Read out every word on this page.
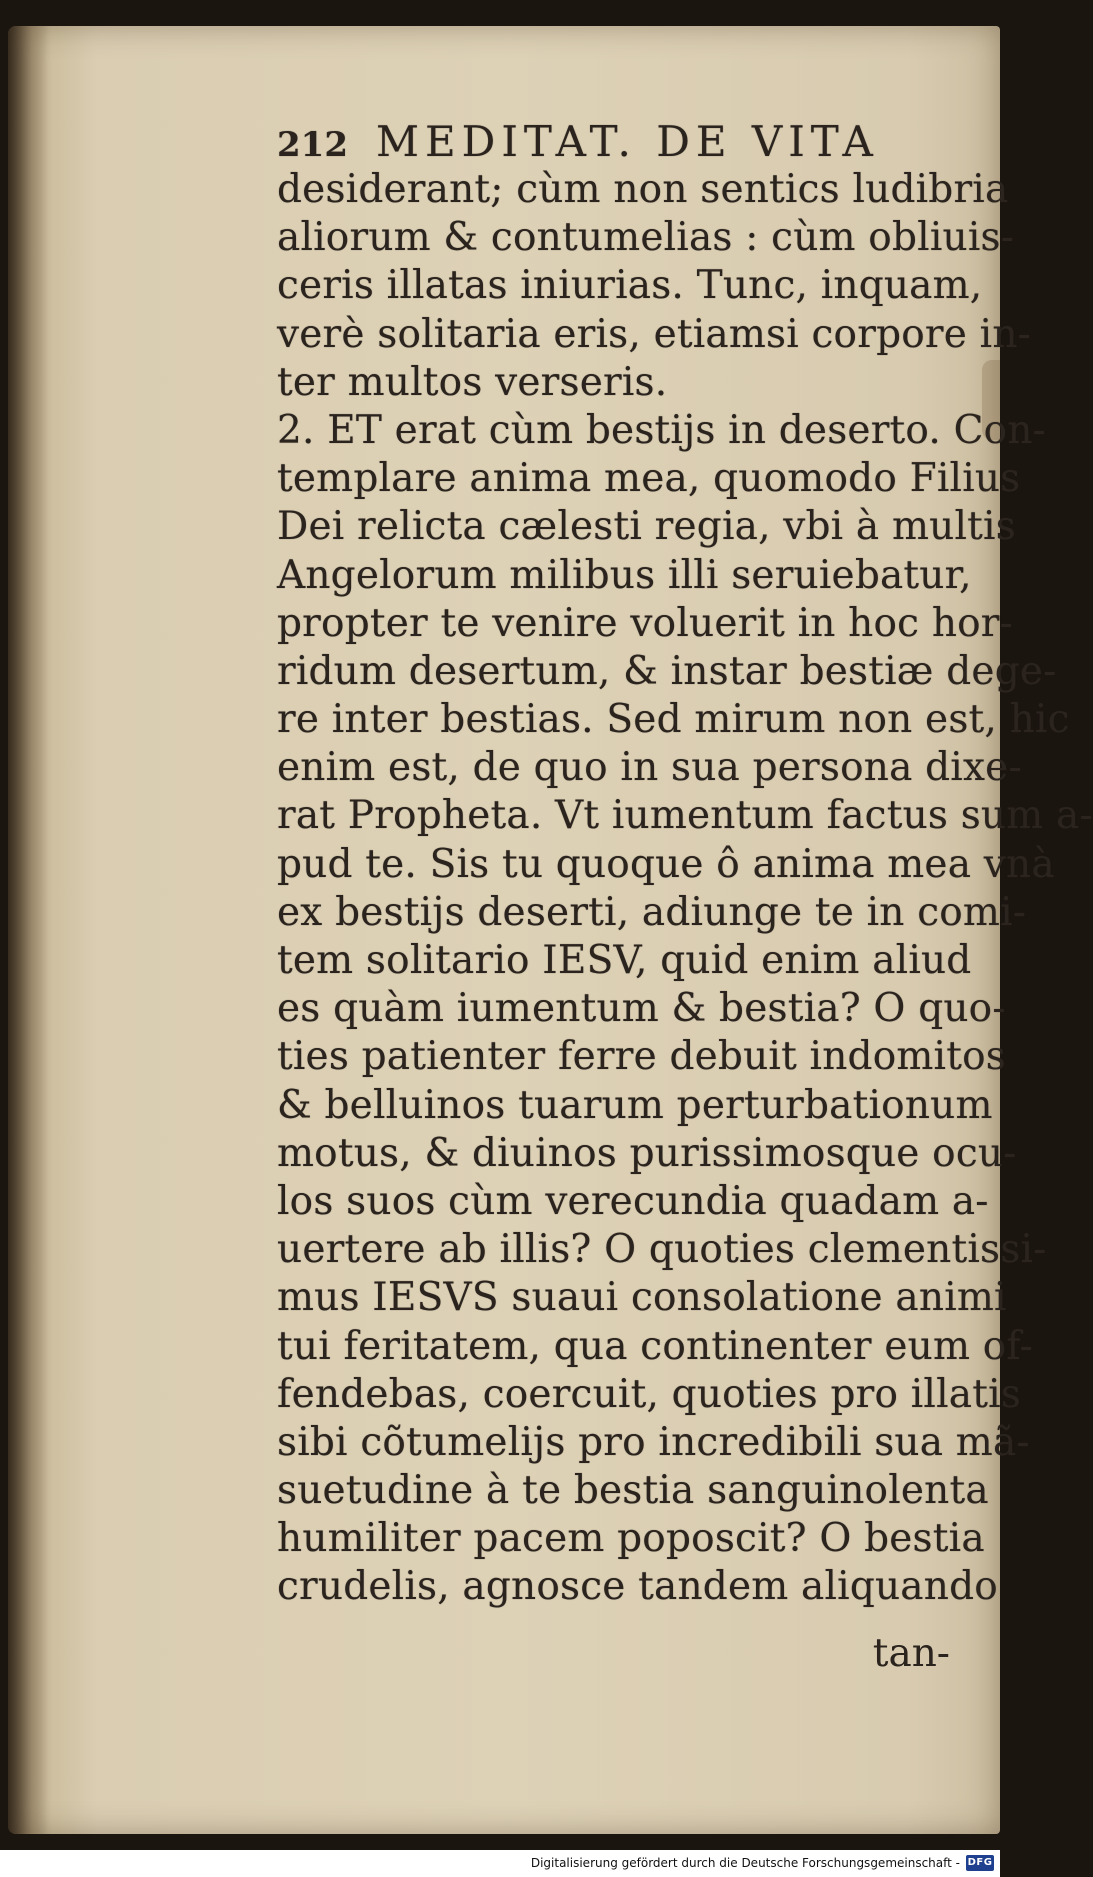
212 MEDITAT. DE VITA
desiderant; cùm non sentics ludibria
aliorum & contumelias : cùm obliuis-
ceris illatas iniurias. Tunc, inquam,
verè solitaria eris, etiamsi corpore in-
ter multos verseris.
2. ET erat cùm bestijs in deserto. Con-
templare anima mea, quomodo Filius
Dei relicta cælesti regia, vbi à multis
Angelorum milibus illi seruiebatur,
propter te venire voluerit in hoc hor-
ridum desertum, & instar bestiæ dege-
re inter bestias. Sed mirum non est, hic
enim est, de quo in sua persona dixe-
rat Propheta. Vt iumentum factus sum a-
pud te. Sis tu quoque ô anima mea vnà
ex bestijs deserti, adiunge te in comi-
tem solitario IESV, quid enim aliud
es quàm iumentum & bestia? O quo-
ties patienter ferre debuit indomitos
& belluinos tuarum perturbationum
motus, & diuinos purissimosque ocu-
los suos cùm verecundia quadam a-
uertere ab illis? O quoties clementissi-
mus IESVS suaui consolatione animi
tui feritatem, qua continenter eum of-
fendebas, coercuit, quoties pro illatis
sibi cõtumelijs pro incredibili sua mã-
suetudine à te bestia sanguinolenta
humiliter pacem poposcit? O bestia
crudelis, agnosce tandem aliquando
tan-
Digitalisierung gefördert durch die Deutsche Forschungsgemeinschaft - DFG
